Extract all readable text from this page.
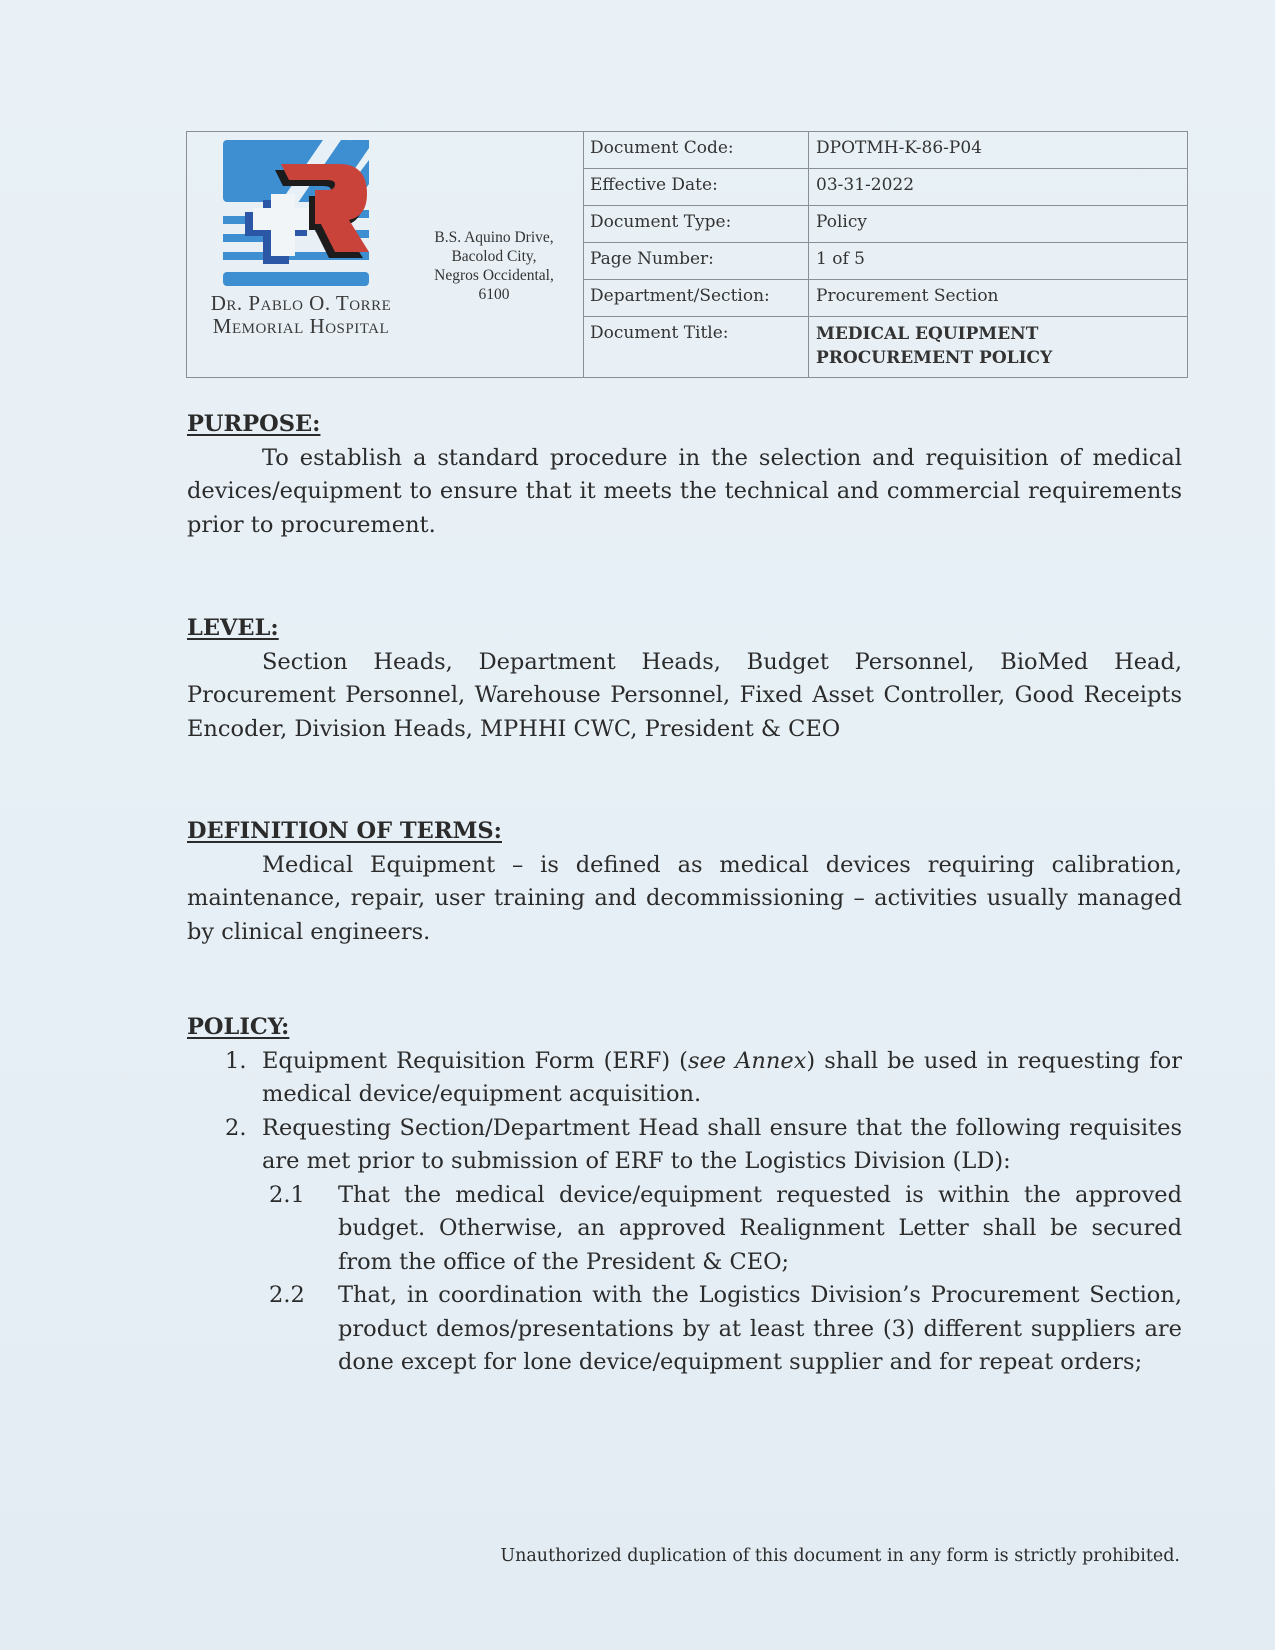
Dr. Pablo O. Torre
Memorial Hospital
B.S. Aquino Drive,
Bacolod City,
Negros Occidental,
6100
Document Code:	DPOTMH-K-86-P04
Effective Date:	03-31-2022
Document Type:	Policy
Page Number:	1 of 5
Department/Section:	Procurement Section
Document Title:	MEDICAL EQUIPMENT
PROCUREMENT POLICY

PURPOSE:

To establish a standard procedure in the selection and requisition of medical devices/equipment to ensure that it meets the technical and commercial requirements prior to procurement.

LEVEL:

Section Heads, Department Heads, Budget Personnel, BioMed Head, Procurement Personnel, Warehouse Personnel, Fixed Asset Controller, Good Receipts Encoder, Division Heads, MPHHI CWC, President & CEO

DEFINITION OF TERMS:

Medical Equipment – is defined as medical devices requiring calibration, maintenance, repair, user training and decommissioning – activities usually managed by clinical engineers.

POLICY:

1. Equipment Requisition Form (ERF) (see Annex) shall be used in requesting for medical device/equipment acquisition.
2. Requesting Section/Department Head shall ensure that the following requisites are met prior to submission of ERF to the Logistics Division (LD):
2.1 That the medical device/equipment requested is within the approved budget. Otherwise, an approved Realignment Letter shall be secured from the office of the President & CEO;
2.2 That, in coordination with the Logistics Division’s Procurement Section, product demos/presentations by at least three (3) different suppliers are done except for lone device/equipment supplier and for repeat orders;
Unauthorized duplication of this document in any form is strictly prohibited.
